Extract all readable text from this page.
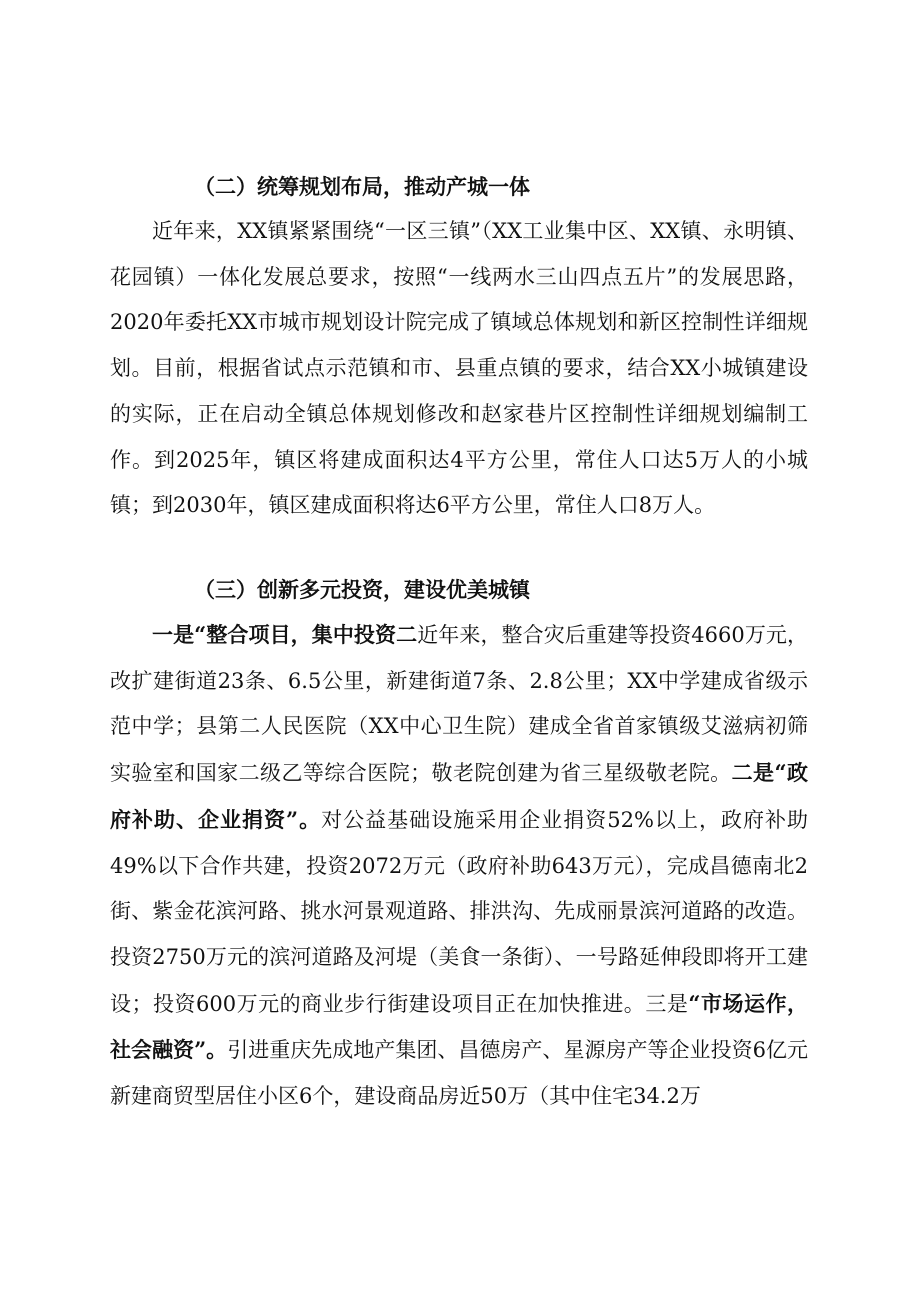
（二）统筹规划布局，推动产城一体
近年来，XX镇紧紧围绕“一区三镇”（XX工业集中区、XX镇、永明镇、花园镇）一体化发展总要求，按照“一线两水三山四点五片”的发展思路，2020年委托XX市城市规划设计院完成了镇域总体规划和新区控制性详细规划。目前，根据省试点示范镇和市、县重点镇的要求，结合XX小城镇建设的实际，正在启动全镇总体规划修改和赵家巷片区控制性详细规划编制工作。到2025年，镇区将建成面积达4平方公里，常住人口达5万人的小城镇；到2030年，镇区建成面积将达6平方公里，常住人口8万人。
（三）创新多元投资，建设优美城镇
一是“整合项目，集中投资二近年来，整合灾后重建等投资4660万元，改扩建街道23条、6.5公里，新建街道7条、2.8公里；XX中学建成省级示范中学；县第二人民医院（XX中心卫生院）建成全省首家镇级艾滋病初筛实验室和国家二级乙等综合医院；敬老院创建为省三星级敬老院。二是“政府补助、企业捐资”。对公益基础设施采用企业捐资52%以上，政府补助49%以下合作共建，投资2072万元（政府补助643万元），完成昌德南北2街、紫金花滨河路、挑水河景观道路、排洪沟、先成丽景滨河道路的改造。投资2750万元的滨河道路及河堤（美食一条街）、一号路延伸段即将开工建设；投资600万元的商业步行街建设项目正在加快推进。三是“市场运作，社会融资”。引进重庆先成地产集团、昌德房产、星源房产等企业投资6亿元新建商贸型居住小区6个，建设商品房近50万（其中住宅34.2万
